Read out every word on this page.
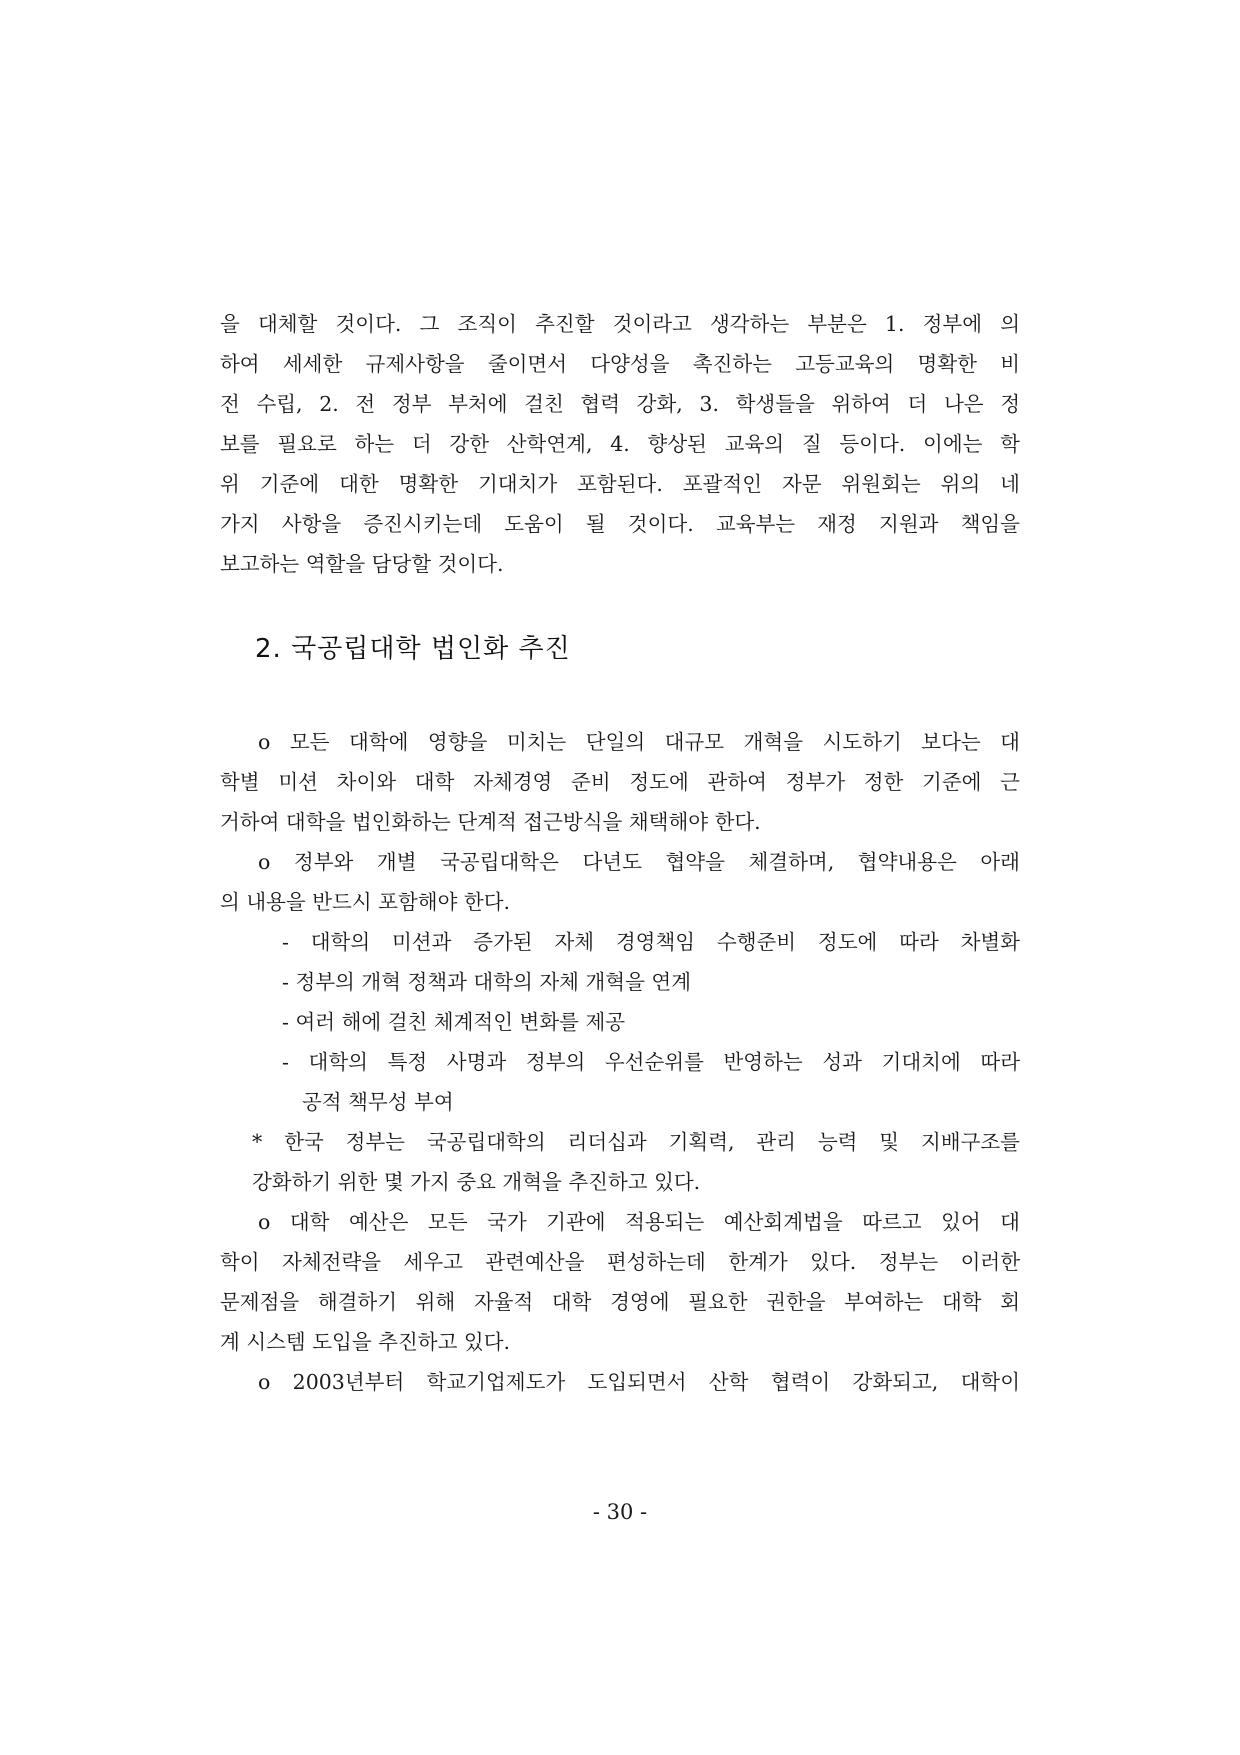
을 대체할 것이다. 그 조직이 추진할 것이라고 생각하는 부분은 1. 정부에 의
하여 세세한 규제사항을 줄이면서 다양성을 촉진하는 고등교육의 명확한 비
전 수립, 2. 전 정부 부처에 걸친 협력 강화, 3. 학생들을 위하여 더 나은 정
보를 필요로 하는 더 강한 산학연계, 4. 향상된 교육의 질 등이다. 이에는 학
위 기준에 대한 명확한 기대치가 포함된다. 포괄적인 자문 위원회는 위의 네
가지 사항을 증진시키는데 도움이 될 것이다. 교육부는 재정 지원과 책임을
보고하는 역할을 담당할 것이다.
2. 국공립대학 법인화 추진
o 모든 대학에 영향을 미치는 단일의 대규모 개혁을 시도하기 보다는 대
학별 미션 차이와 대학 자체경영 준비 정도에 관하여 정부가 정한 기준에 근
거하여 대학을 법인화하는 단계적 접근방식을 채택해야 한다.
o 정부와 개별 국공립대학은 다년도 협약을 체결하며, 협약내용은 아래
의 내용을 반드시 포함해야 한다.
- 대학의 미션과 증가된 자체 경영책임 수행준비 정도에 따라 차별화
- 정부의 개혁 정책과 대학의 자체 개혁을 연계
- 여러 해에 걸친 체계적인 변화를 제공
- 대학의 특정 사명과 정부의 우선순위를 반영하는 성과 기대치에 따라
공적 책무성 부여
* 한국 정부는 국공립대학의 리더십과 기획력, 관리 능력 및 지배구조를
강화하기 위한 몇 가지 중요 개혁을 추진하고 있다.
o 대학 예산은 모든 국가 기관에 적용되는 예산회계법을 따르고 있어 대
학이 자체전략을 세우고 관련예산을 편성하는데 한계가 있다. 정부는 이러한
문제점을 해결하기 위해 자율적 대학 경영에 필요한 권한을 부여하는 대학 회
계 시스템 도입을 추진하고 있다.
o 2003년부터 학교기업제도가 도입되면서 산학 협력이 강화되고, 대학이
- 30 -
